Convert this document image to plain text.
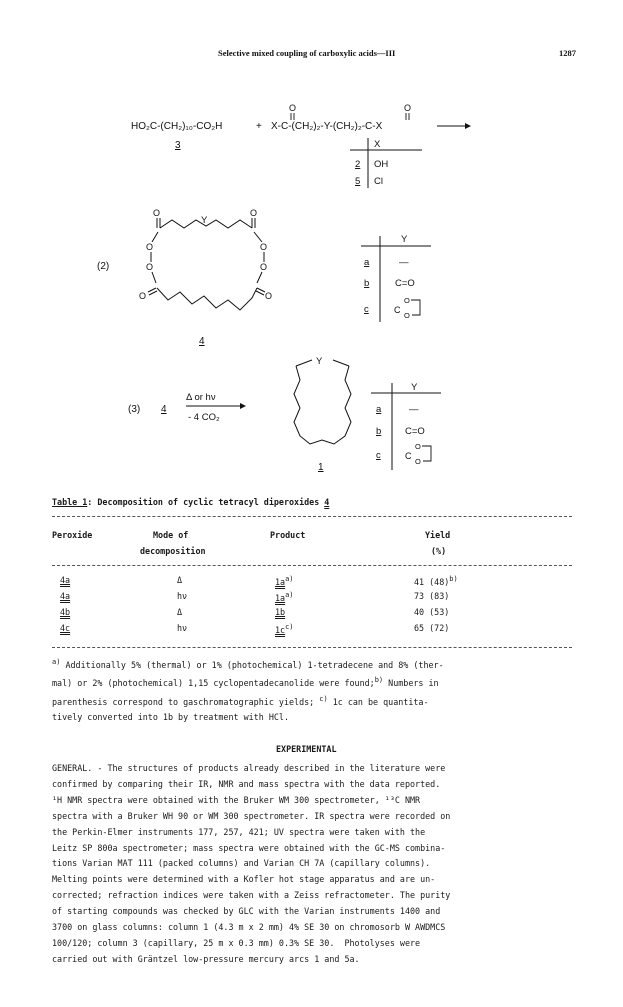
Selective mixed coupling of carboxylic acids—III	1287
HO₂C-(CH₂)₁₀-CO₂H
3
+ X-C-(CH₂)₂-Y-(CH₂)₂-C-X
O	O
X
2 OH
5 Cl
(2)
O	O
Y
O	O
O	O
O	O
4
Y
a	—
b	C=O
c	C
O
O
(3) 4
Δ or hν
- 4 CO₂
Y
1
Y
a	—
b C=O
c	C
O
O
Table 1: Decomposition of cyclic tetracyl diperoxides 4
Peroxide	Mode of
decomposition
Product	Yield
(%)
4a	Δ	$1a^{a)}$	41 $(48)^{b)}$
4a	hν	$1a^{a)}$	73 (83)
4b	Δ	1b	40 (53)
4c	hν	$1c^{c)}$	65 (72)
$^{a)}$ Additionally 5% (thermal) or 1% (photochemical) 1-tetradecene and 8% (ther-
mal) or 2% (photochemical) 1,15 cyclopentadecanolide were found;$^{b)}$ Numbers in
parenthesis correspond to gaschromatographic yields; $^{c)}$ 1c can be quantita-
tively converted into 1b by treatment with HCl.
EXPERIMENTAL

GENERAL. - The structures of products already described in the literature were

confirmed by comparing their IR, NMR and mass spectra with the data reported.

¹H NMR spectra were obtained with the Bruker WM 300 spectrometer, ¹³C NMR

spectra with a Bruker WH 90 or WM 300 spectrometer. IR spectra were recorded on

the Perkin-Elmer instruments 177, 257, 421; UV spectra were taken with the

Leitz SP 800a spectrometer; mass spectra were obtained with the GC-MS combina-

tions Varian MAT 111 (packed columns) and Varian CH 7A (capillary columns).

Melting points were determined with a Kofler hot stage apparatus and are un-

corrected; refraction indices were taken with a Zeiss refractometer. The purity

of starting compounds was checked by GLC with the Varian instruments 1400 and

3700 on glass columns: column 1 (4.3 m x 2 mm) 4% SE 30 on chromosorb W AWDMCS

100/120; column 3 (capillary, 25 m x 0.3 mm) 0.3% SE 30.  Photolyses were

carried out with Gräntzel low-pressure mercury arcs 1 and 5a.
